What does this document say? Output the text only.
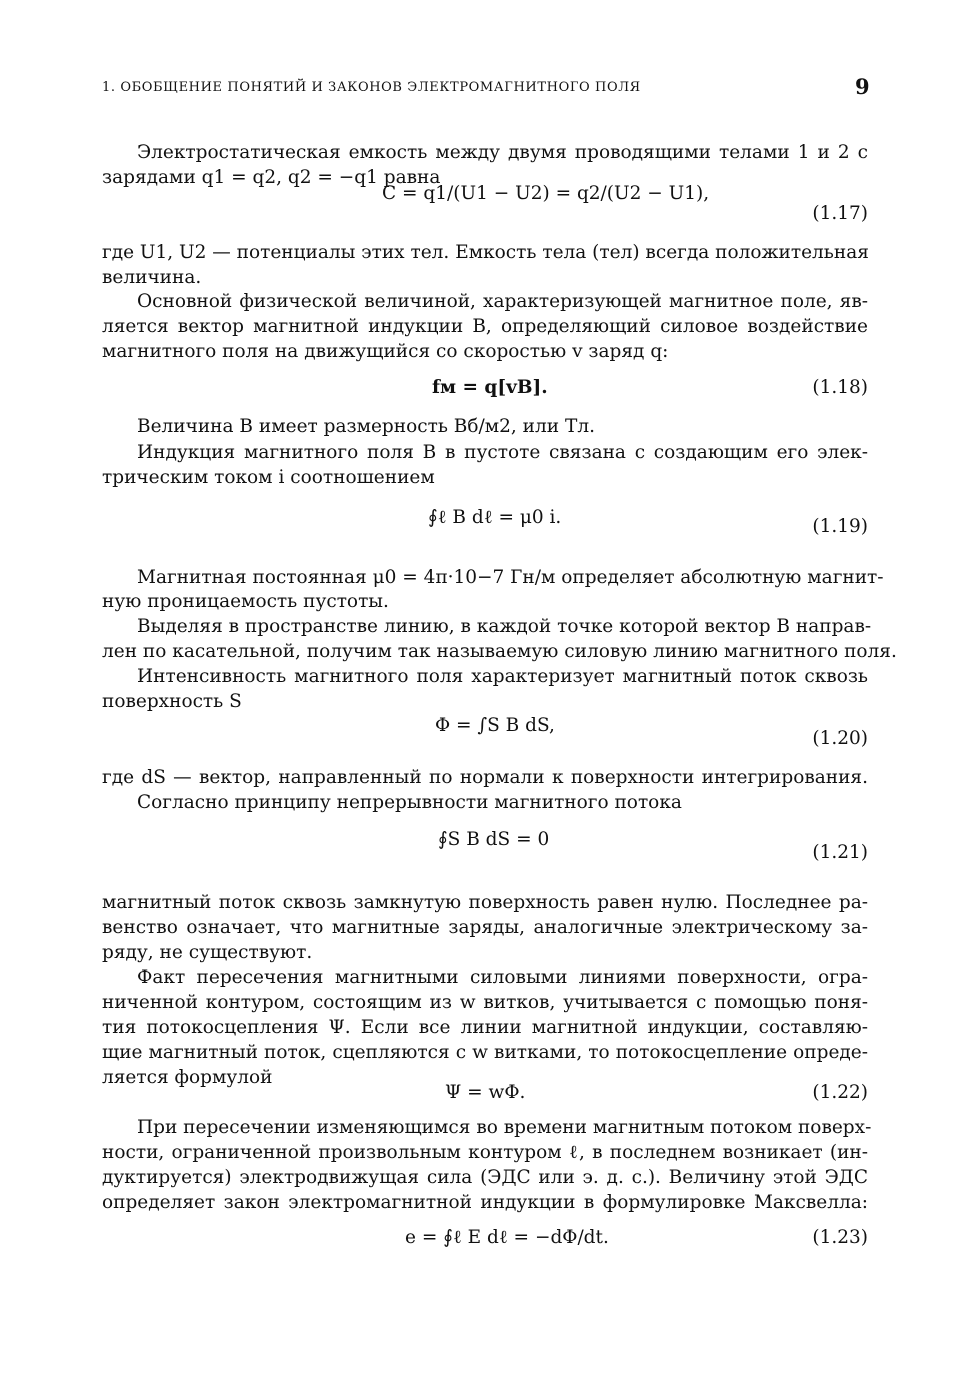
1. ОБОБЩЕНИЕ ПОНЯТИЙ И ЗАКОНОВ ЭЛЕКТРОМАГНИТНОГО ПОЛЯ	9
Электростатическая емкость между двумя проводящими телами 1 и 2 с
зарядами q1 = q2, q2 = −q1 равна
C = q1/(U1 − U2) = q2/(U2 − U1),
(1.17)
где U1, U2 — потенциалы этих тел. Емкость тела (тел) всегда положительная
величина.
Основной физической величиной, характеризующей магнитное поле, яв-
ляется вектор магнитной индукции B, определяющий силовое воздействие
магнитного поля на движущийся со скоростью v заряд q:
fм = q[vB].	(1.18)
Величина B имеет размерность Вб/м2, или Тл.
Индукция магнитного поля B в пустоте связана с создающим его элек-
трическим током i соотношением
∮ℓ B dℓ = μ0 i.	(1.19)
Магнитная постоянная μ0 = 4π·10−7 Гн/м определяет абсолютную магнит-
ную проницаемость пустоты.
Выделяя в пространстве линию, в каждой точке которой вектор B направ-
лен по касательной, получим так называемую силовую линию магнитного поля.
Интенсивность магнитного поля характеризует магнитный поток сквозь
поверхность S
Φ = ∫S B dS,
(1.20)
где dS — вектор, направленный по нормали к поверхности интегрирования.
Согласно принципу непрерывности магнитного потока
∮S B dS = 0
(1.21)
магнитный поток сквозь замкнутую поверхность равен нулю. Последнее ра-
венство означает, что магнитные заряды, аналогичные электрическому за-
ряду, не существуют.
Факт пересечения магнитными силовыми линиями поверхности, огра-
ниченной контуром, состоящим из w витков, учитывается с помощью поня-
тия потокосцепления Ψ. Если все линии магнитной индукции, составляю-
щие магнитный поток, сцепляются с w витками, то потокосцепление опреде-
ляется формулой
Ψ = wΦ.	(1.22)
При пересечении изменяющимся во времени магнитным потоком поверх-
ности, ограниченной произвольным контуром ℓ, в последнем возникает (ин-
дуктируется) электродвижущая сила (ЭДС или э. д. с.). Величину этой ЭДС
определяет закон электромагнитной индукции в формулировке Максвелла:
e = ∮ℓ E dℓ = −dΦ/dt.	(1.23)
